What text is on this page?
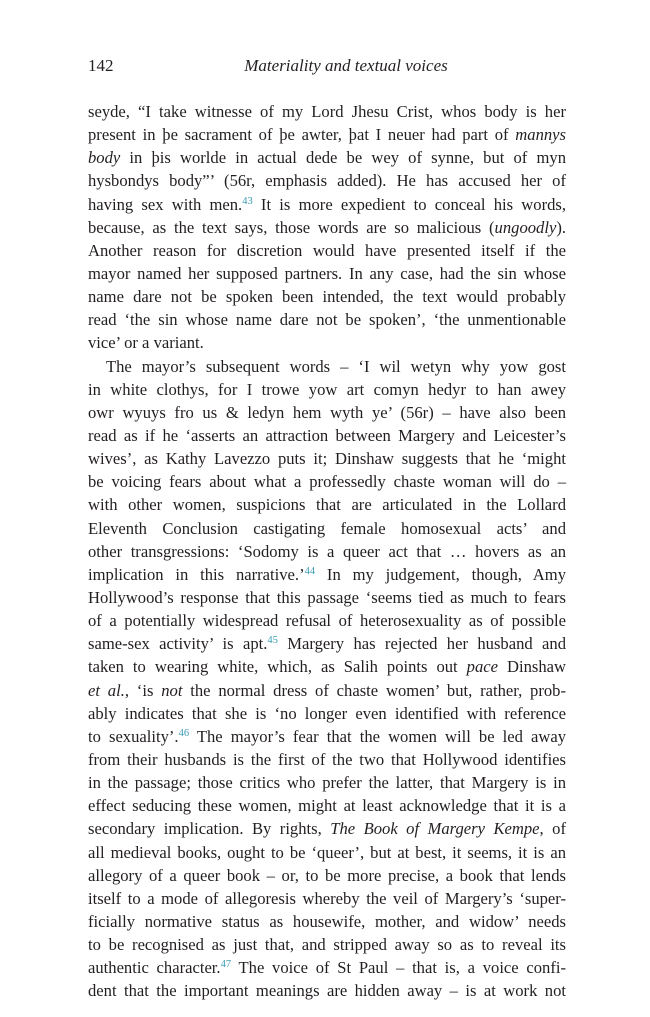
142	Materiality and textual voices
seyde, “I take witnesse of my Lord Jhesu Crist, whos body is her
present in þe sacrament of þe awter, þat I neuer had part of mannys
body in þis worlde in actual dede be wey of synne, but of myn
hysbondys body”’ (56r, emphasis added). He has accused her of
having sex with men.$^{43}$ It is more expedient to conceal his words,
because, as the text says, those words are so malicious (ungoodly).
Another reason for discretion would have presented itself if the
mayor named her supposed partners. In any case, had the sin whose
name dare not be spoken been intended, the text would probably
read ‘the sin whose name dare not be spoken’, ‘the unmentionable
vice’ or a variant.
The mayor’s subsequent words – ‘I wil wetyn why yow gost
in white clothys, for I trowe yow art comyn hedyr to han awey
owr wyuys fro us & ledyn hem wyth ye’ (56r) – have also been
read as if he ‘asserts an attraction between Margery and Leicester’s
wives’, as Kathy Lavezzo puts it; Dinshaw suggests that he ‘might
be voicing fears about what a professedly chaste woman will do –
with other women, suspicions that are articulated in the Lollard
Eleventh Conclusion castigating female homosexual acts’ and
other transgressions: ‘Sodomy is a queer act that … hovers as an
implication in this narrative.’$^{44}$ In my judgement, though, Amy
Hollywood’s response that this passage ‘seems tied as much to fears
of a potentially widespread refusal of heterosexuality as of possible
same-sex activity’ is apt.$^{45}$ Margery has rejected her husband and
taken to wearing white, which, as Salih points out pace Dinshaw
et al., ‘is not the normal dress of chaste women’ but, rather, prob-
ably indicates that she is ‘no longer even identified with reference
to sexuality’.$^{46}$ The mayor’s fear that the women will be led away
from their husbands is the first of the two that Hollywood identifies
in the passage; those critics who prefer the latter, that Margery is in
effect seducing these women, might at least acknowledge that it is a
secondary implication. By rights, The Book of Margery Kempe, of
all medieval books, ought to be ‘queer’, but at best, it seems, it is an
allegory of a queer book – or, to be more precise, a book that lends
itself to a mode of allegoresis whereby the veil of Margery’s ‘super-
ficially normative status as housewife, mother, and widow’ needs
to be recognised as just that, and stripped away so as to reveal its
authentic character.$^{47}$ The voice of St Paul – that is, a voice confi-
dent that the important meanings are hidden away – is at work not
